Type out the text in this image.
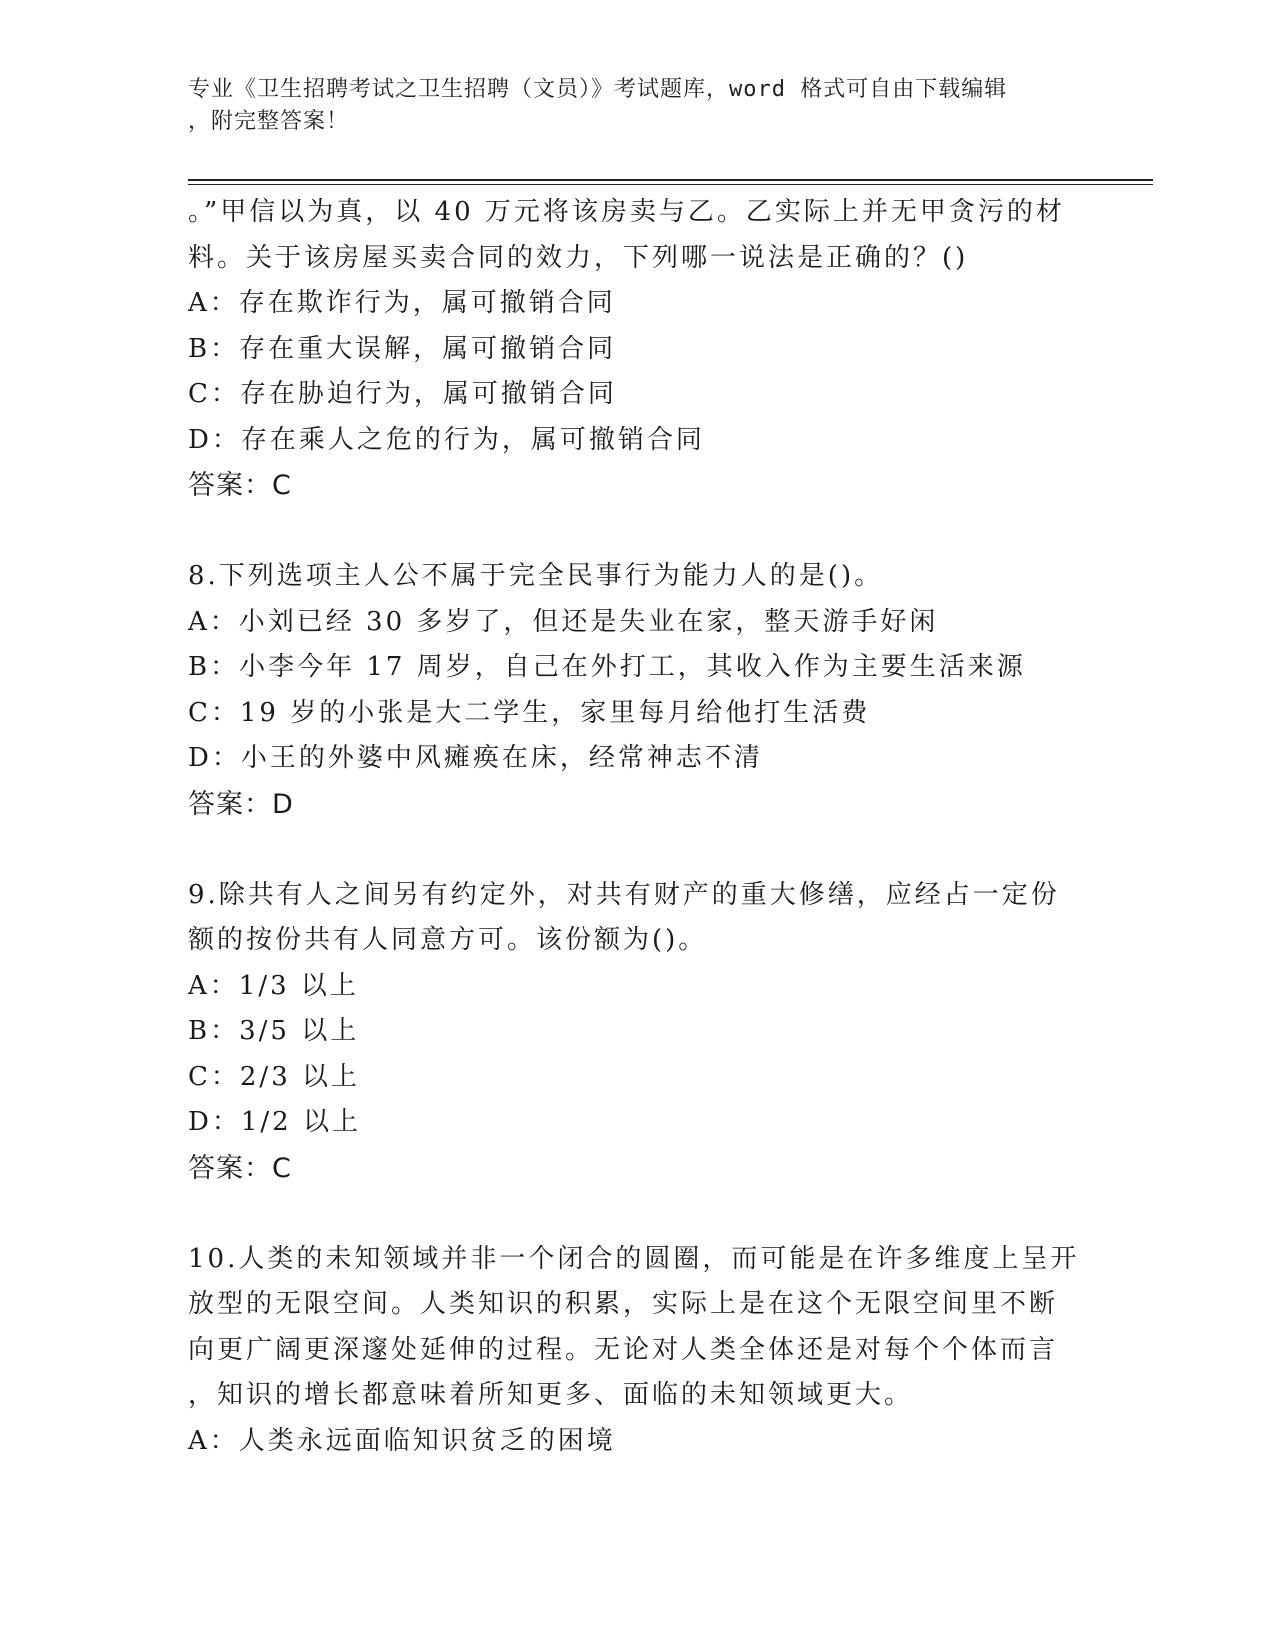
专业《卫生招聘考试之卫生招聘（文员）》考试题库，word 格式可自由下载编辑
，附完整答案！
。”甲信以为真，以 40 万元将该房卖与乙。乙实际上并无甲贪污的材
料。关于该房屋买卖合同的效力，下列哪一说法是正确的？()
A：存在欺诈行为，属可撤销合同
B：存在重大误解，属可撤销合同
C：存在胁迫行为，属可撤销合同
D：存在乘人之危的行为，属可撤销合同
答案：C
8.下列选项主人公不属于完全民事行为能力人的是()。
A：小刘已经 30 多岁了，但还是失业在家，整天游手好闲
B：小李今年 17 周岁，自己在外打工，其收入作为主要生活来源
C：19 岁的小张是大二学生，家里每月给他打生活费
D：小王的外婆中风瘫痪在床，经常神志不清
答案：D
9.除共有人之间另有约定外，对共有财产的重大修缮，应经占一定份
额的按份共有人同意方可。该份额为()。
A：1/3 以上
B：3/5 以上
C：2/3 以上
D：1/2 以上
答案：C
10.人类的未知领域并非一个闭合的圆圈，而可能是在许多维度上呈开
放型的无限空间。人类知识的积累，实际上是在这个无限空间里不断
向更广阔更深邃处延伸的过程。无论对人类全体还是对每个个体而言
，知识的增长都意味着所知更多、面临的未知领域更大。
A：人类永远面临知识贫乏的困境
